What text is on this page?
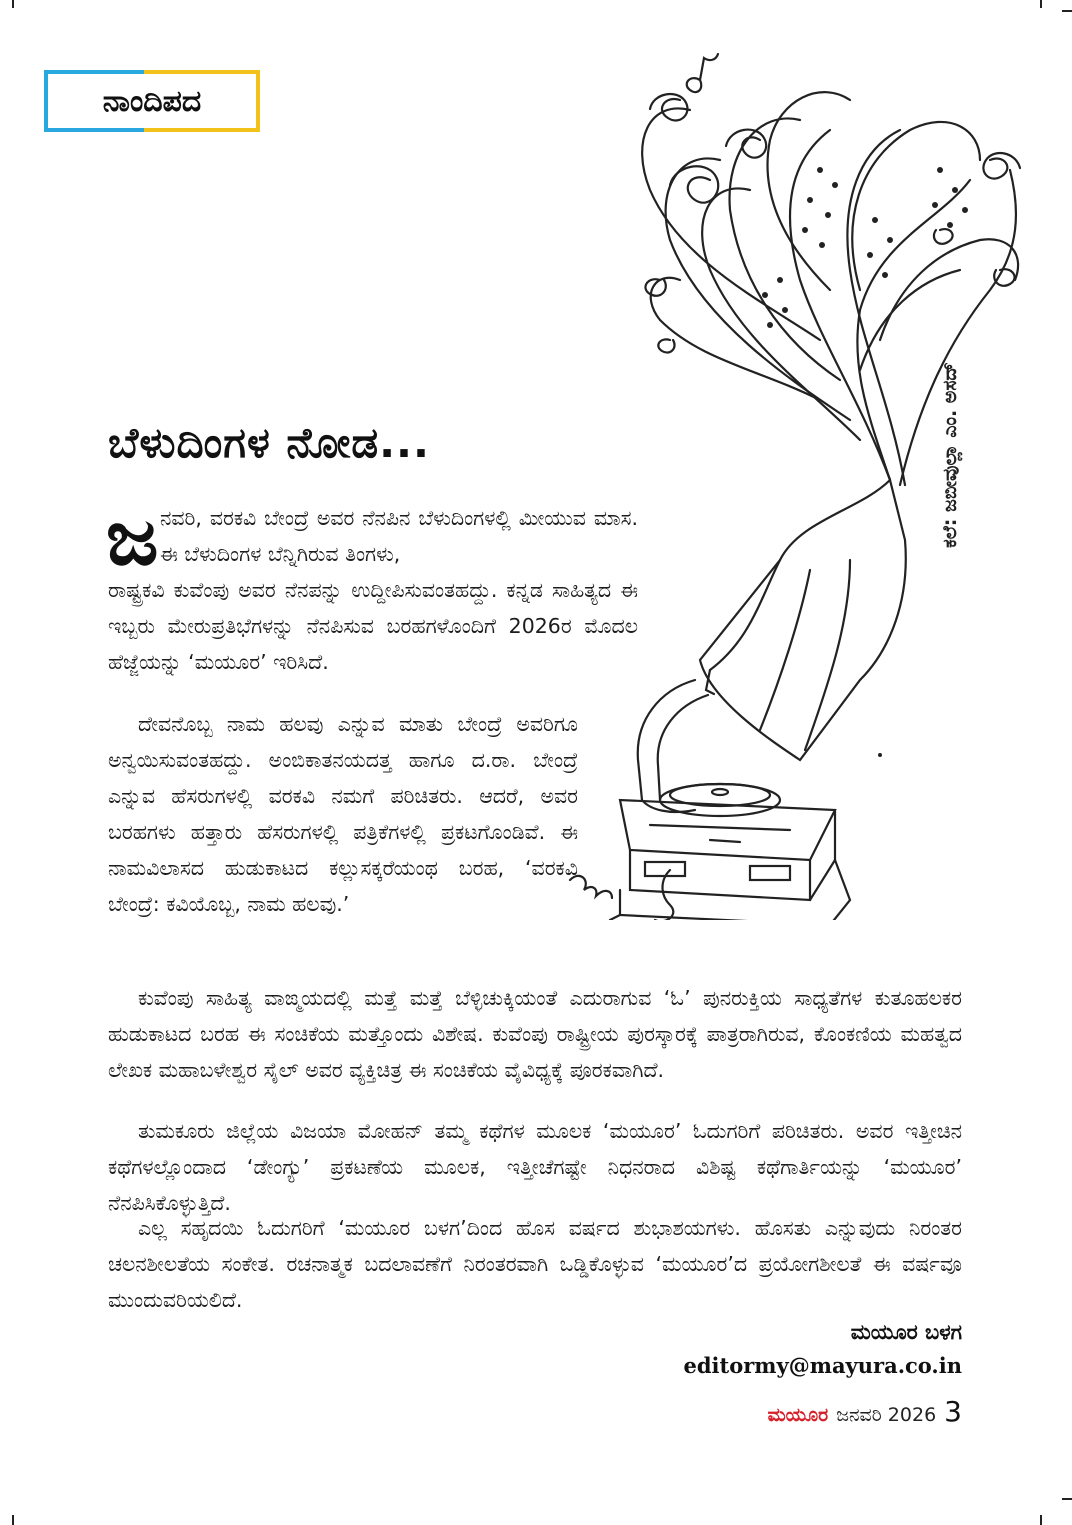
ನಾಂದಿಪದ
ಕಲೆ: ಜಬೀವುಲ್ಲಾ ಎಂ. ಅಸದ್
ಬೆಳುದಿಂಗಳ ನೋಡ...
ಜ ನವರಿ, ವರಕವಿ ಬೇಂದ್ರೆ ಅವರ ನೆನಪಿನ ಬೆಳುದಿಂಗಳಲ್ಲಿ ಮೀಯುವ ಮಾಸ. ಈ ಬೆಳುದಿಂಗಳ ಬೆನ್ನಿಗಿರುವ ತಿಂಗಳು,

ರಾಷ್ಟ್ರಕವಿ ಕುವೆಂಪು ಅವರ ನೆನಪನ್ನು ಉದ್ದೀಪಿಸುವಂತಹದ್ದು. ಕನ್ನಡ ಸಾಹಿತ್ಯದ ಈ ಇಬ್ಬರು ಮೇರುಪ್ರತಿಭೆಗಳನ್ನು ನೆನಪಿಸುವ ಬರಹಗಳೊಂದಿಗೆ 2026ರ ಮೊದಲ ಹೆಜ್ಜೆಯನ್ನು ‘ಮಯೂರ’ ಇರಿಸಿದೆ.

ದೇವನೊಬ್ಬ ನಾಮ ಹಲವು ಎನ್ನುವ ಮಾತು ಬೇಂದ್ರೆ ಅವರಿಗೂ ಅನ್ವಯಿಸುವಂತಹದ್ದು. ಅಂಬಿಕಾತನಯದತ್ತ ಹಾಗೂ ದ.ರಾ. ಬೇಂದ್ರೆ ಎನ್ನುವ ಹೆಸರುಗಳಲ್ಲಿ ವರಕವಿ ನಮಗೆ ಪರಿಚಿತರು. ಆದರೆ, ಅವರ ಬರಹಗಳು ಹತ್ತಾರು ಹೆಸರುಗಳಲ್ಲಿ ಪತ್ರಿಕೆಗಳಲ್ಲಿ ಪ್ರಕಟಗೊಂಡಿವೆ. ಈ ನಾಮವಿಲಾಸದ ಹುಡುಕಾಟದ ಕಲ್ಲುಸಕ್ಕರೆಯಂಥ ಬರಹ, ‘ವರಕವಿ ಬೇಂದ್ರೆ: ಕವಿಯೊಬ್ಬ, ನಾಮ ಹಲವು.’

ಕುವೆಂಪು ಸಾಹಿತ್ಯ ವಾಙ್ಮಯದಲ್ಲಿ ಮತ್ತೆ ಮತ್ತೆ ಬೆಳ್ಳಿಚುಕ್ಕಿಯಂತೆ ಎದುರಾಗುವ ‘ಓ’ ಪುನರುಕ್ತಿಯ ಸಾಧ್ಯತೆಗಳ ಕುತೂಹಲಕರ ಹುಡುಕಾಟದ ಬರಹ ಈ ಸಂಚಿಕೆಯ ಮತ್ತೊಂದು ವಿಶೇಷ. ಕುವೆಂಪು ರಾಷ್ಟ್ರೀಯ ಪುರಸ್ಕಾರಕ್ಕೆ ಪಾತ್ರರಾಗಿರುವ, ಕೊಂಕಣಿಯ ಮಹತ್ವದ ಲೇಖಕ ಮಹಾಬಳೇಶ್ವರ ಸೈಲ್ ಅವರ ವ್ಯಕ್ತಿಚಿತ್ರ ಈ ಸಂಚಿಕೆಯ ವೈವಿಧ್ಯಕ್ಕೆ ಪೂರಕವಾಗಿದೆ.

ತುಮಕೂರು ಜಿಲ್ಲೆಯ ವಿಜಯಾ ಮೋಹನ್ ತಮ್ಮ ಕಥೆಗಳ ಮೂಲಕ ‘ಮಯೂರ’ ಓದುಗರಿಗೆ ಪರಿಚಿತರು. ಅವರ ಇತ್ತೀಚಿನ ಕಥೆಗಳಲ್ಲೊಂದಾದ ‘ಡೇಂಗ್ಯು’ ಪ್ರಕಟಣೆಯ ಮೂಲಕ, ಇತ್ತೀಚೆಗಷ್ಟೇ ನಿಧನರಾದ ವಿಶಿಷ್ಟ ಕಥೆಗಾರ್ತಿಯನ್ನು ‘ಮಯೂರ’ ನೆನಪಿಸಿಕೊಳ್ಳುತ್ತಿದೆ.

ಎಲ್ಲ ಸಹೃದಯಿ ಓದುಗರಿಗೆ ‘ಮಯೂರ ಬಳಗ’ದಿಂದ ಹೊಸ ವರ್ಷದ ಶುಭಾಶಯಗಳು. ಹೊಸತು ಎನ್ನುವುದು ನಿರಂತರ ಚಲನಶೀಲತೆಯ ಸಂಕೇತ. ರಚನಾತ್ಮಕ ಬದಲಾವಣೆಗೆ ನಿರಂತರವಾಗಿ ಒಡ್ಡಿಕೊಳ್ಳುವ ‘ಮಯೂರ’ದ ಪ್ರಯೋಗಶೀಲತೆ ಈ ವರ್ಷವೂ ಮುಂದುವರಿಯಲಿದೆ.

ಮಯೂರ ಬಳಗ
editormy@mayura.co.in
ಮಯೂರ ಜನವರಿ 2026 3
